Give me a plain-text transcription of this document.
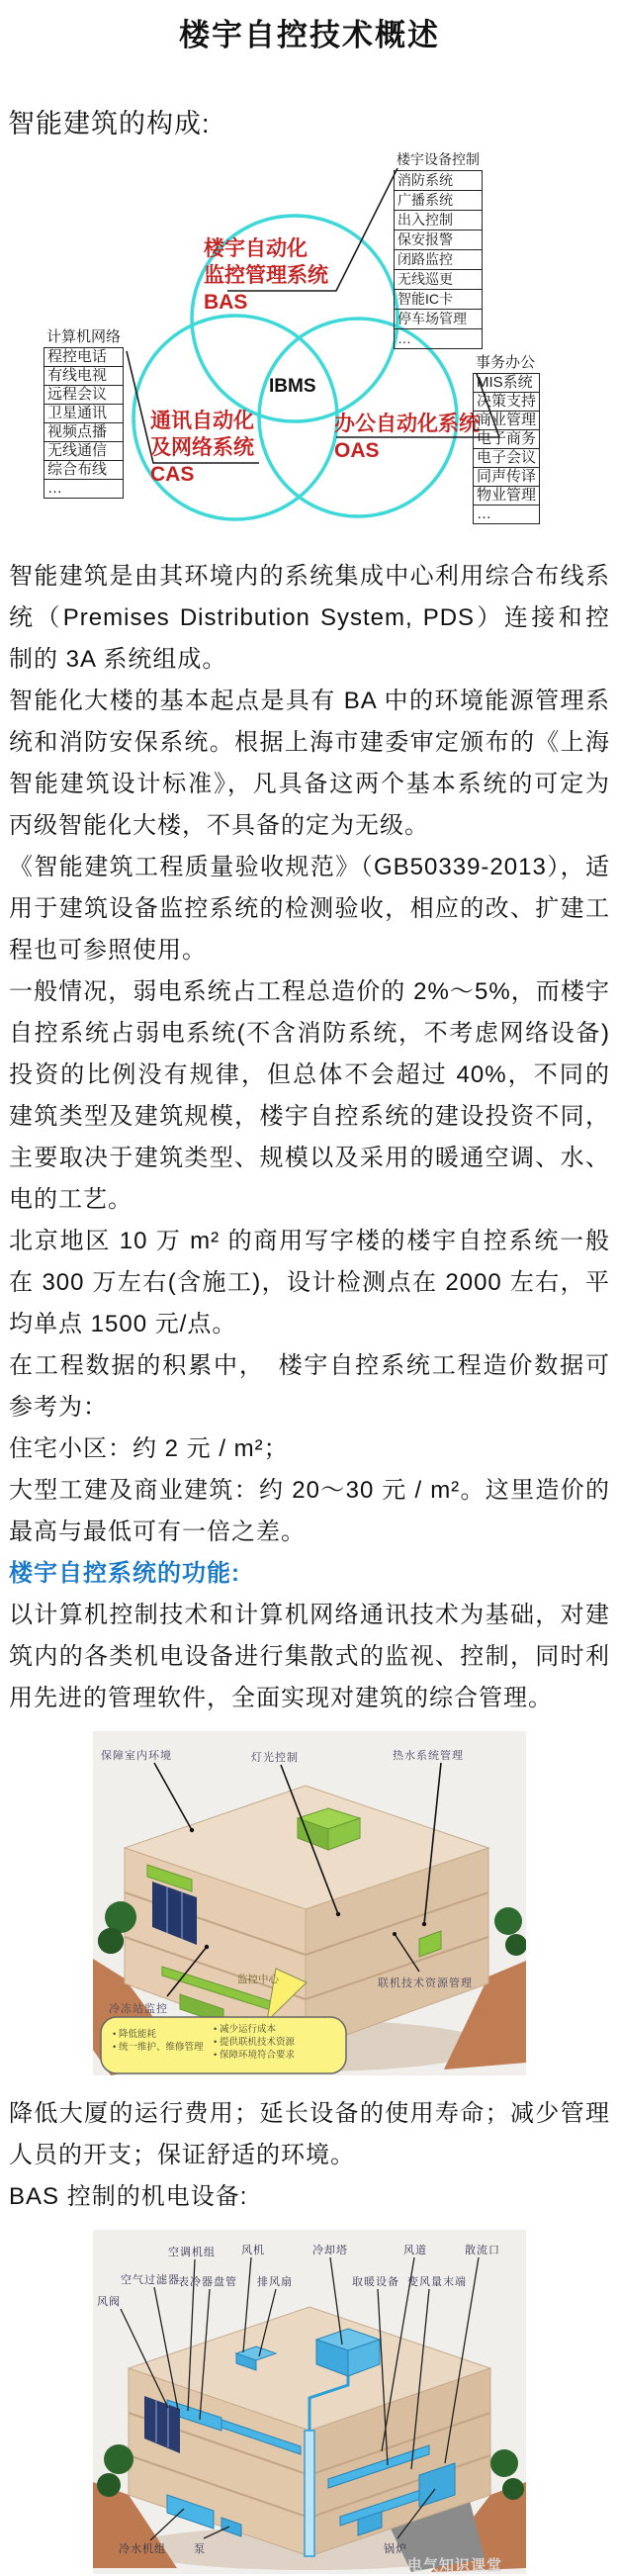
楼宇自控技术概述
智能建筑的构成:
楼宇自动化
监控管理系统
BAS
通讯自动化
及网络系统
CAS
办公自动化系统
OAS
IBMS
楼宇设备控制
消防系统
广播系统
出入控制
保安报警
闭路监控
无线巡更
智能IC卡
停车场管理
…
计算机网络
程控电话
有线电视
远程会议
卫星通讯
视频点播
无线通信
综合布线
…
事务办公
MIS系统
决策支持
商业管理
电子商务
电子会议
同声传译
物业管理
…

智能建筑是由其环境内的系统集成中心利用综合布线系统（Premises Distribution System, PDS）连接和控制的 3A 系统组成。

智能化大楼的基本起点是具有 BA 中的环境能源管理系统和消防安保系统。根据上海市建委审定颁布的《上海智能建筑设计标准》，凡具备这两个基本系统的可定为丙级智能化大楼，不具备的定为无级。

《智能建筑工程质量验收规范》（GB50339-2013），适用于建筑设备监控系统的检测验收，相应的改、扩建工程也可参照使用。

一般情况，弱电系统占工程总造价的 2%～5%，而楼宇自控系统占弱电系统(不含消防系统，不考虑网络设备)投资的比例没有规律，但总体不会超过 40%，不同的建筑类型及建筑规模，楼宇自控系统的建设投资不同，主要取决于建筑类型、规模以及采用的暖通空调、水、电的工艺。

北京地区 10 万 m² 的商用写字楼的楼宇自控系统一般在 300 万左右(含施工)，设计检测点在 2000 左右，平均单点 1500 元/点。

在工程数据的积累中，　楼宇自控系统工程造价数据可参考为：

住宅小区：约 2 元 / m²；

大型工建及商业建筑：约 20～30 元 / m²。这里造价的最高与最低可有一倍之差。

楼宇自控系统的功能:

以计算机控制技术和计算机网络通讯技术为基础，对建筑内的各类机电设备进行集散式的监视、控制，同时利用先进的管理软件，全面实现对建筑的综合管理。

保障室内环境	灯光控制	热水系统管理
冷冻站监控
联机技术资源管理
监控中心
• 降低能耗
• 统一维护、维修管理
• 减少运行成本
• 提供联机技术资源
• 保障环境符合要求

降低大厦的运行费用；延长设备的使用寿命；减少管理人员的开支；保证舒适的环境。

BAS 控制的机电设备:

风阀
空气过滤器
空调机组
表冷器盘管
风机
排风扇
冷却塔
取暖设备
风道
变风量末端
散流口
冷水机组	泵	锅炉
电气知识课堂
